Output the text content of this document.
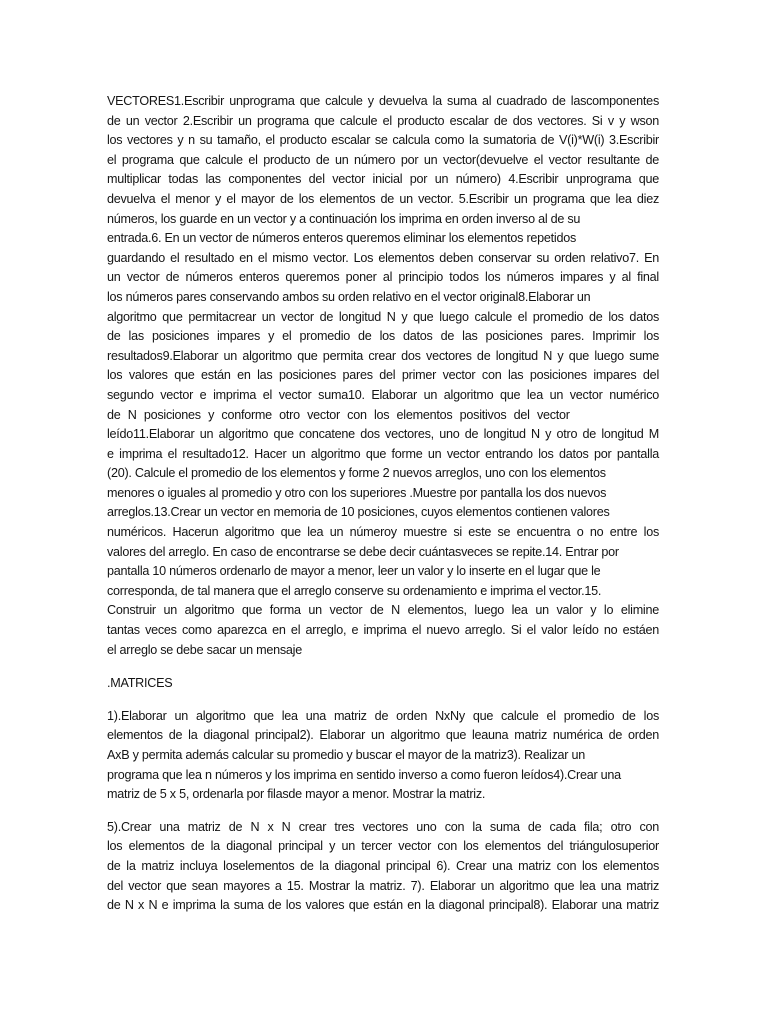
VECTORES1.Escribir unprograma que calcule y devuelva la suma al cuadrado de lascomponentes
de un vector 2.Escribir un programa que calcule el producto escalar de dos vectores. Si v y wson
los vectores y n su tamaño, el producto escalar se calcula como la sumatoria de V(i)*W(i) 3.Escribir
el programa que calcule el producto de un número por un vector(devuelve el vector resultante de
multiplicar todas las componentes del vector inicial por un número) 4.Escribir unprograma que
devuelva el menor y el mayor de los elementos de un vector. 5.Escribir un programa que lea diez
números, los guarde en un vector y a continuación los imprima en orden inverso al de su
entrada.6. En un vector de números enteros queremos eliminar los elementos repetidos
guardando el resultado en el mismo vector. Los elementos deben conservar su orden relativo7. En
un vector de números enteros queremos poner al principio todos los números impares y al final
los números pares conservando ambos su orden relativo en el vector original8.Elaborar un
algoritmo que permitacrear un vector de longitud N y que luego calcule el promedio de los datos
de las posiciones impares y el promedio de los datos de las posiciones pares. Imprimir los
resultados9.Elaborar un algoritmo que permita crear dos vectores de longitud N y que luego sume
los valores que están en las posiciones pares del primer vector con las posiciones impares del
segundo vector e imprima el vector suma10. Elaborar un algoritmo que lea un vector numérico
de N posiciones y conforme otro vector con los elementos positivos del vector
leído11.Elaborar un algoritmo que concatene dos vectores, uno de longitud N y otro de longitud M
e imprima el resultado12. Hacer un algoritmo que forme un vector entrando los datos por pantalla
(20). Calcule el promedio de los elementos y forme 2 nuevos arreglos, uno con los elementos
menores o iguales al promedio y otro con los superiores .Muestre por pantalla los dos nuevos
arreglos.13.Crear un vector en memoria de 10 posiciones, cuyos elementos contienen valores
numéricos. Hacerun algoritmo que lea un númeroy muestre si este se encuentra o no entre los
valores del arreglo. En caso de encontrarse se debe decir cuántasveces se repite.14. Entrar por
pantalla 10 números ordenarlo de mayor a menor, leer un valor y lo inserte en el lugar que le
corresponda, de tal manera que el arreglo conserve su ordenamiento e imprima el vector.15.
Construir un algoritmo que forma un vector de N elementos, luego lea un valor y lo elimine
tantas veces como aparezca en el arreglo, e imprima el nuevo arreglo. Si el valor leído no estáen
el arreglo se debe sacar un mensaje
.MATRICES
1).Elaborar un algoritmo que lea una matriz de orden NxNy que calcule el promedio de los
elementos de la diagonal principal2). Elaborar un algoritmo que leauna matriz numérica de orden
AxB y permita además calcular su promedio y buscar el mayor de la matriz3). Realizar un
programa que lea n números y los imprima en sentido inverso a como fueron leídos4).Crear una
matriz de 5 x 5, ordenarla por filasde mayor a menor. Mostrar la matriz.
5).Crear una matriz de N x N crear tres vectores uno con la suma de cada fila; otro con
los elementos de la diagonal principal y un tercer vector con los elementos del triángulosuperior
de la matriz incluya loselementos de la diagonal principal 6). Crear una matriz con los elementos
del vector que sean mayores a 15. Mostrar la matriz. 7). Elaborar un algoritmo que lea una matriz
de N x N e imprima la suma de los valores que están en la diagonal principal8). Elaborar una matriz
